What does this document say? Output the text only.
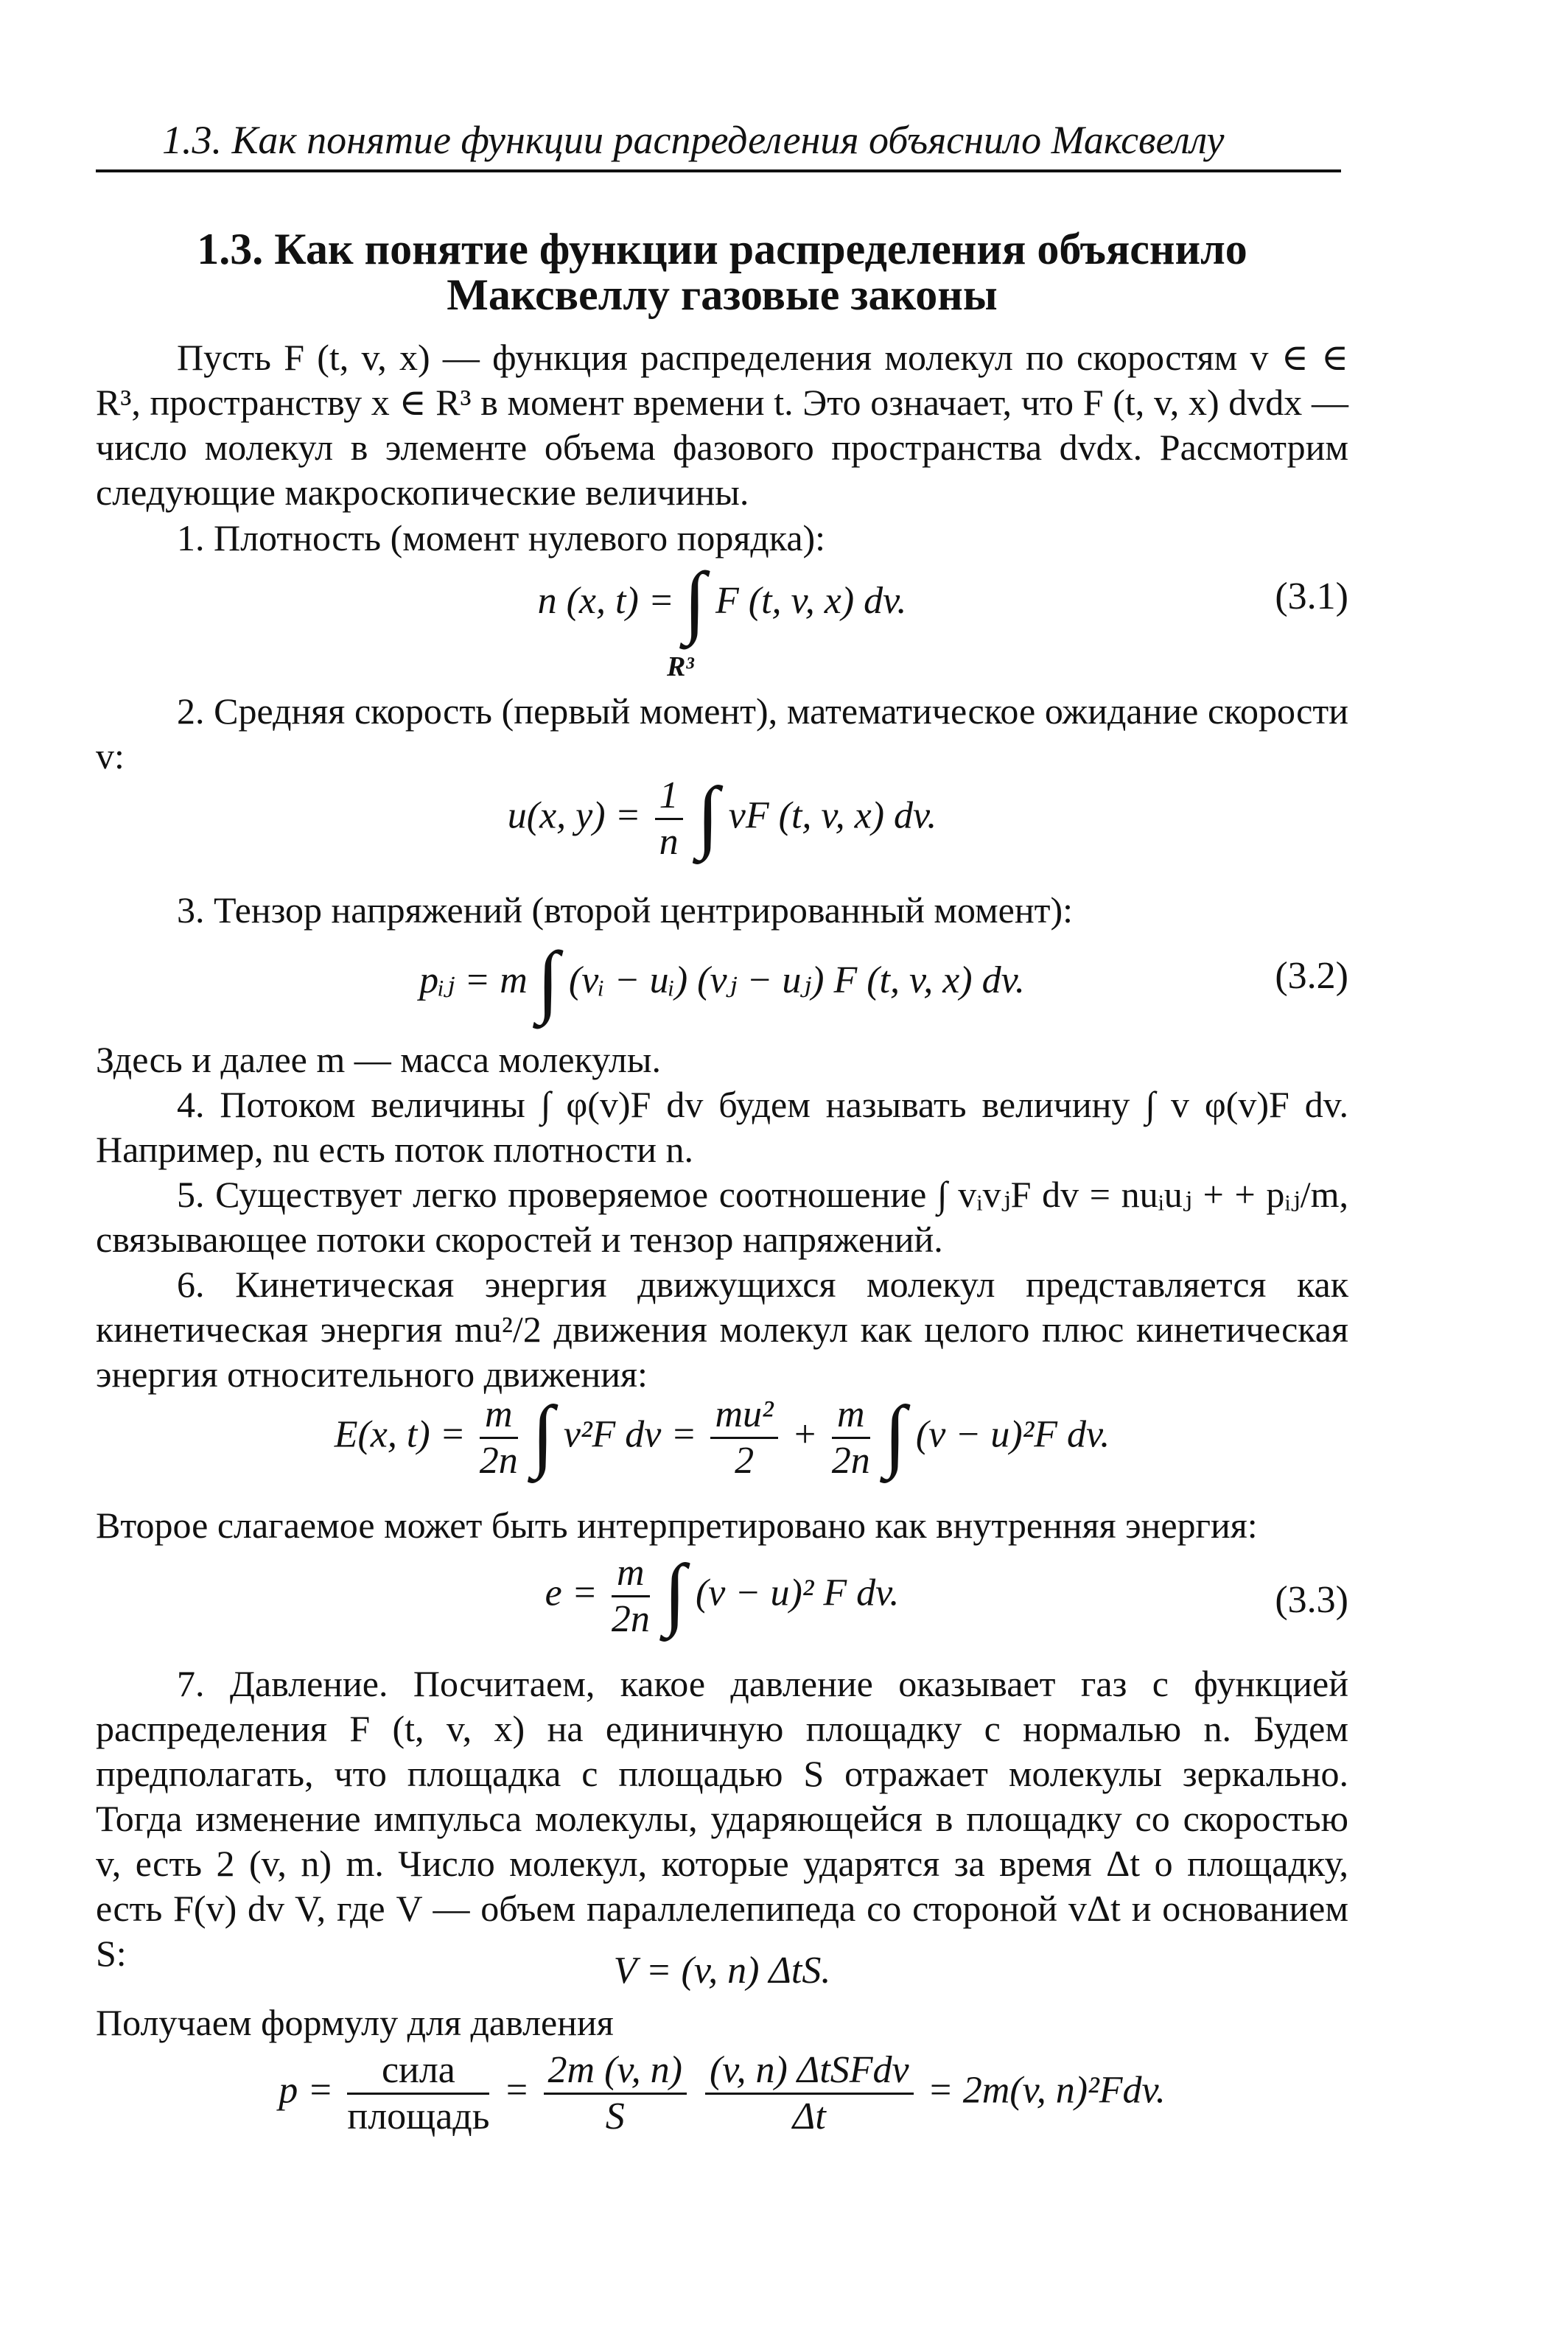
1.3. Как понятие функции распределения объяснило Максвеллу
1.3. Как понятие функции распределения объяснило
Максвеллу газовые законы
Пусть F (t, v, x) — функция распределения молекул по скоростям v ∈ ∈ R³, пространству x ∈ R³ в момент времени t. Это означает, что F (t, v, x) dvdx — число молекул в элементе объема фазового пространства dvdx. Рассмотрим следующие макроскопические величины.
1. Плотность (момент нулевого порядка):
n (x, t) = ∫ F (t, v, x) dv.
R³
(3.1)
2. Средняя скорость (первый момент), математическое ожидание скорости v:
u(x, $y) = \frac{1}{n}$ ∫ vF (t, v, x) dv.
3. Тензор напряжений (второй центрированный момент):
pᵢⱼ = m ∫ (vᵢ − uᵢ) (vⱼ − uⱼ) F (t, v, x) dv.	(3.2)
Здесь и далее m — масса молекулы.
4. Потоком величины ∫ φ(v)F dv будем называть величину ∫ v φ(v)F dv. Например, nu есть поток плотности n.
5. Существует легко проверяемое соотношение ∫ vᵢvⱼF dv = nuᵢuⱼ + + pᵢⱼ/m, связывающее потоки скоростей и тензор напряжений.
6. Кинетическая энергия движущихся молекул представляется как кинетическая энергия mu²/2 движения молекул как целого плюс кинетическая энергия относительного движения:
E(x, $t) = \frac{m}{2n}$ ∫ v²F dv = $\frac{\text{mu²}}{2} + \frac{m}{2n}$ ∫ (v − u)²F dv.
Второе слагаемое может быть интерпретировано как внутренняя энергия:
$e = \frac{m}{2n}$ ∫ (v − u)² F dv.	(3.3)
7. Давление. Посчитаем, какое давление оказывает газ с функцией распределения F (t, v, x) на единичную площадку с нормалью n. Будем предполагать, что площадка с площадью S отражает молекулы зеркально. Тогда изменение импульса молекулы, ударяющейся в площадку со скоростью v, есть 2 (v, n) m. Число молекул, которые ударятся за время Δt о площадку, есть F(v) dv V, где V — объем параллелепипеда со стороной vΔt и основанием S:	V = (v, n) ΔtS.
Получаем формулу для давления
$p = \frac{\text{сила}}{\text{площадь}} = \frac{2m (v, n)}{S}$
$\frac{\text{(v, n) ΔtSFdv}}{\Delta t} = 2m(v$, n)²Fdv.
